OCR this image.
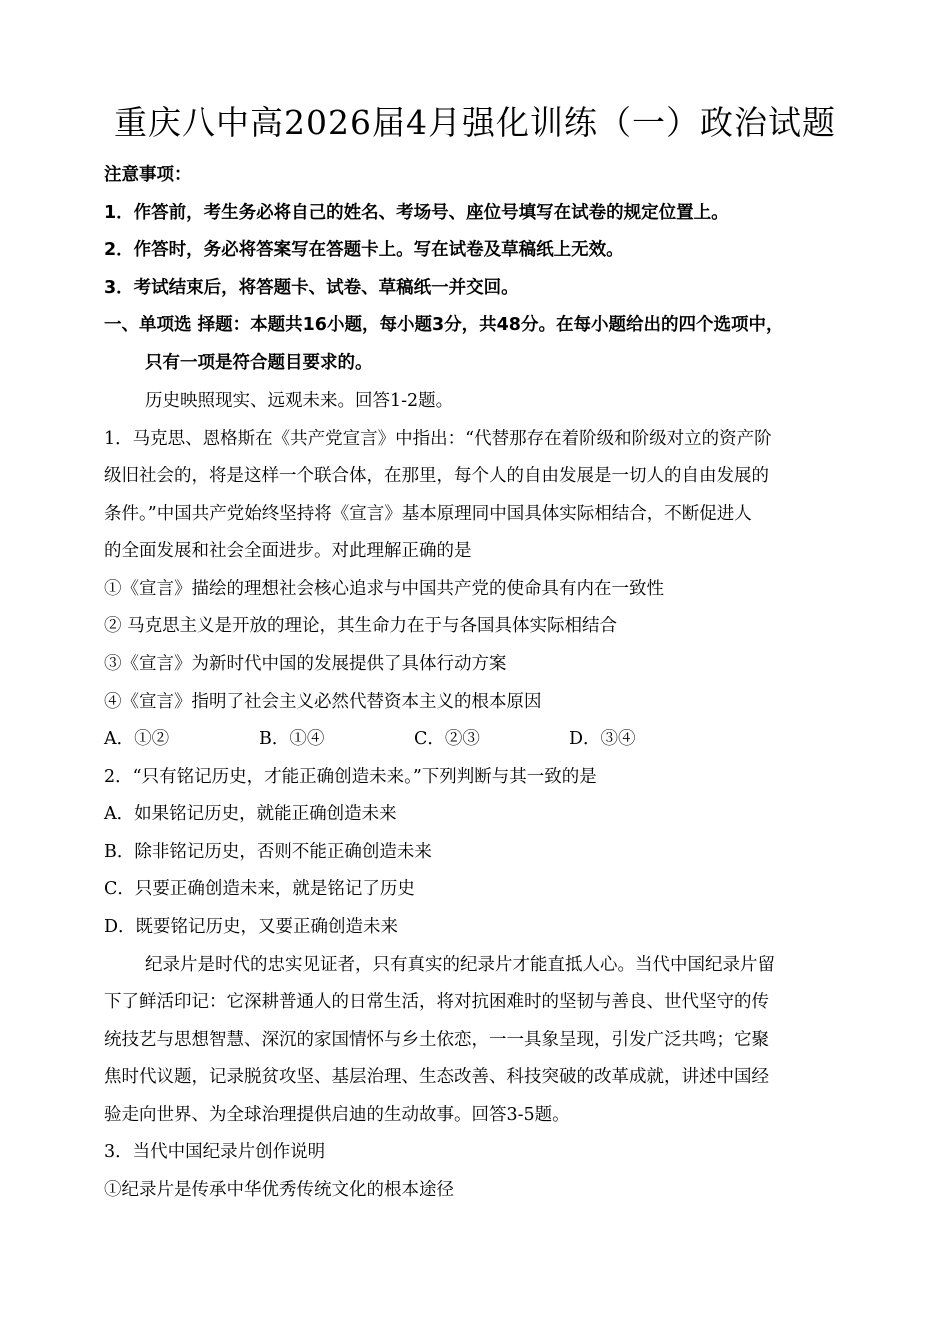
重庆八中高2026届4月强化训练（一）政治试题
注意事项：
1．作答前，考生务必将自己的姓名、考场号、座位号填写在试卷的规定位置上。
2．作答时，务必将答案写在答题卡上。写在试卷及草稿纸上无效。
3．考试结束后，将答题卡、试卷、草稿纸一并交回。
一、单项选 择题：本题共16小题，每小题3分，共48分。在每小题给出的四个选项中，
只有一项是符合题目要求的。
历史映照现实、远观未来。回答1-2题。
1．马克思、恩格斯在《共产党宣言》中指出：“代替那存在着阶级和阶级对立的资产阶
级旧社会的，将是这样一个联合体，在那里，每个人的自由发展是一切人的自由发展的
条件。”中国共产党始终坚持将《宣言》基本原理同中国具体实际相结合，不断促进人
的全面发展和社会全面进步。对此理解正确的是
①《宣言》描绘的理想社会核心追求与中国共产党的使命具有内在一致性
② 马克思主义是开放的理论，其生命力在于与各国具体实际相结合
③《宣言》为新时代中国的发展提供了具体行动方案
④《宣言》指明了社会主义必然代替资本主义的根本原因
A．①②	B．①④	C．②③	D．③④
2．“只有铭记历史，才能正确创造未来。”下列判断与其一致的是
A．如果铭记历史，就能正确创造未来
B．除非铭记历史，否则不能正确创造未来
C．只要正确创造未来，就是铭记了历史
D．既要铭记历史，又要正确创造未来
纪录片是时代的忠实见证者，只有真实的纪录片才能直抵人心。当代中国纪录片留
下了鲜活印记：它深耕普通人的日常生活，将对抗困难时的坚韧与善良、世代坚守的传
统技艺与思想智慧、深沉的家国情怀与乡土依恋，一一具象呈现，引发广泛共鸣；它聚
焦时代议题，记录脱贫攻坚、基层治理、生态改善、科技突破的改革成就，讲述中国经
验走向世界、为全球治理提供启迪的生动故事。回答3-5题。
3．当代中国纪录片创作说明
①纪录片是传承中华优秀传统文化的根本途径
